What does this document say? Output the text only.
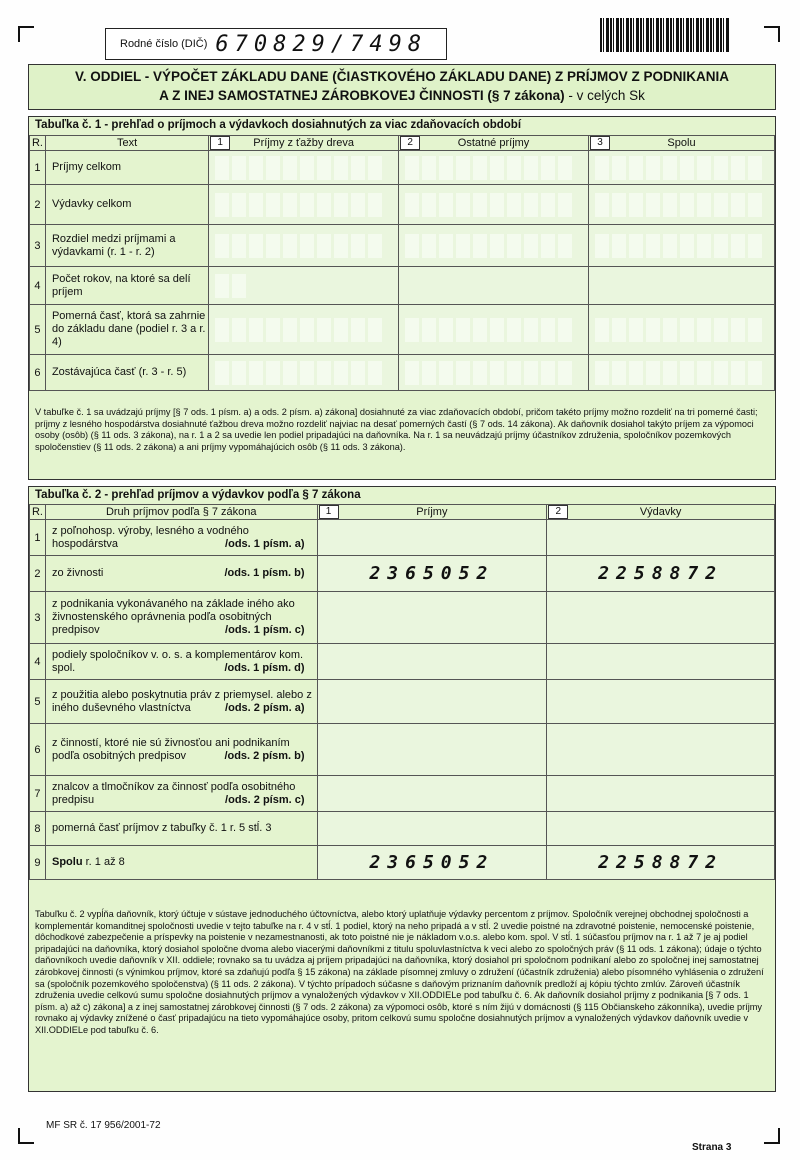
Rodné číslo (DIČ) 670829/7498
V. ODDIEL - VÝPOČET ZÁKLADU DANE (ČIASTKOVÉHO ZÁKLADU DANE) Z PRÍJMOV Z PODNIKANIA
A Z INEJ SAMOSTATNEJ ZÁROBKOVEJ ČINNOSTI (§ 7 zákona) - v celých Sk
Tabuľka č. 1 - prehľad o príjmoch a výdavkoch dosiahnutých za viac zdaňovacích období
R.	Text	1 Príjmy z ťažby dreva	2 Ostatné príjmy	3 Spolu
1	Príjmy celkom	

2	Výdavky celkom	

3	Rozdiel medzi príjmami a výdavkami (r. 1 - r. 2)	

4	Počet rokov, na ktoré sa delí príjem	

5	Pomerná časť, ktorá sa zahrnie do základu dane (podiel r. 3 a r. 4)	

6	Zostávajúca časť (r. 3 - r. 5)	

V tabuľke č. 1 sa uvádzajú príjmy [§ 7 ods. 1 písm. a) a ods. 2 písm. a) zákona] dosiahnuté za viac zdaňovacích období, pričom takéto príjmy možno rozdeliť na tri pomerné časti; príjmy z lesného hospodárstva dosiahnuté ťažbou dreva možno rozdeliť najviac na desať pomerných častí (§ 7 ods. 14 zákona). Ak daňovník dosiahol takýto príjem za výpomoci osoby (osôb) (§ 11 ods. 3 zákona), na r. 1 a 2 sa uvedie len podiel pripadajúci na daňovníka. Na r. 1 sa neuvádzajú príjmy účastníkov združenia, spoločníkov pozemkových spoločenstiev (§ 11 ods. 2 zákona) a ani príjmy vypomáhajúcich osôb (§ 11 ods. 3 zákona).
Tabuľka č. 2 - prehľad príjmov a výdavkov podľa § 7 zákona
R.	Druh príjmov podľa § 7 zákona	1 Príjmy	2 Výdavky
1	z poľnohosp. výroby, lesného a vodného hospodárstva /ods. 1 písm. a)		

2	zo živnosti /ods. 1 písm. b)	2365052	2258872
3	z podnikania vykonávaného na základe iného ako živnostenského oprávnenia podľa osobitných predpisov /ods. 1 písm. c)		

4	podiely spoločníkov v. o. s. a komplementárov kom. spol. /ods. 1 písm. d)		

5	z použitia alebo poskytnutia práv z priemysel. alebo z iného duševného vlastníctva /ods. 2 písm. a)		

6	z činností, ktoré nie sú živnosťou ani podnikaním podľa osobitných predpisov /ods. 2 písm. b)		

7	znalcov a tlmočníkov za činnosť podľa osobitného predpisu /ods. 2 písm. c)		

8	pomerná časť príjmov z tabuľky č. 1 r. 5 stĺ. 3

9	Spolu r. 1 až 8	2365052	2258872
Tabuľku č. 2 vypĺňa daňovník, ktorý účtuje v sústave jednoduchého účtovníctva, alebo ktorý uplatňuje výdavky percentom z príjmov. Spoločník verejnej obchodnej spoločnosti a komplementár komanditnej spoločnosti uvedie v tejto tabuľke na r. 4 v stĺ. 1 podiel, ktorý na neho pripadá a v stĺ. 2 uvedie poistné na zdravotné poistenie, nemocenské poistenie, dôchodkové zabezpečenie a príspevky na poistenie v nezamestnanosti, ak toto poistné nie je nákladom v.o.s. alebo kom. spol. V stĺ. 1 súčasťou príjmov na r. 1 až 7 je aj podiel pripadajúci na daňovníka, ktorý dosiahol spoločne dvoma alebo viacerými daňovníkmi z titulu spoluvlastníctva k veci alebo zo spoločných práv (§ 11 ods. 1 zákona); údaje o týchto daňovníkoch uvedie daňovník v XII. oddiele; rovnako sa tu uvádza aj príjem pripadajúci na daňovníka, ktorý dosiahol pri spoločnom podnikaní alebo zo spoločnej inej samostatnej zárobkovej činnosti (s výnimkou príjmov, ktoré sa zdaňujú podľa § 15 zákona) na základe písomnej zmluvy o združení (účastník združenia) alebo písomného vyhlásenia o združení sa (spoločník pozemkového spoločenstva) (§ 11 ods. 2 zákona). V týchto prípadoch súčasne s daňovým priznaním daňovník predloží aj kópiu týchto zmlúv. Zároveň účastník združenia uvedie celkovú sumu spoločne dosiahnutých príjmov a vynaložených výdavkov v XII.ODDIELe pod tabuľku č. 6. Ak daňovník dosiahol príjmy z podnikania [§ 7 ods. 1 písm. a) až c) zákona] a z inej samostatnej zárobkovej činnosti (§ 7 ods. 2 zákona) za výpomoci osôb, ktoré s ním žijú v domácnosti (§ 115 Občianskeho zákonníka), uvedie príjmy rovnako aj výdavky znížené o časť pripadajúcu na tieto vypomáhajúce osoby, pritom celkovú sumu spoločne dosiahnutých príjmov a vynaložených výdavkov daňovník uvedie v XII.ODDIELe pod tabuľku č. 6.
MF SR č. 17 956/2001-72
Strana 3
